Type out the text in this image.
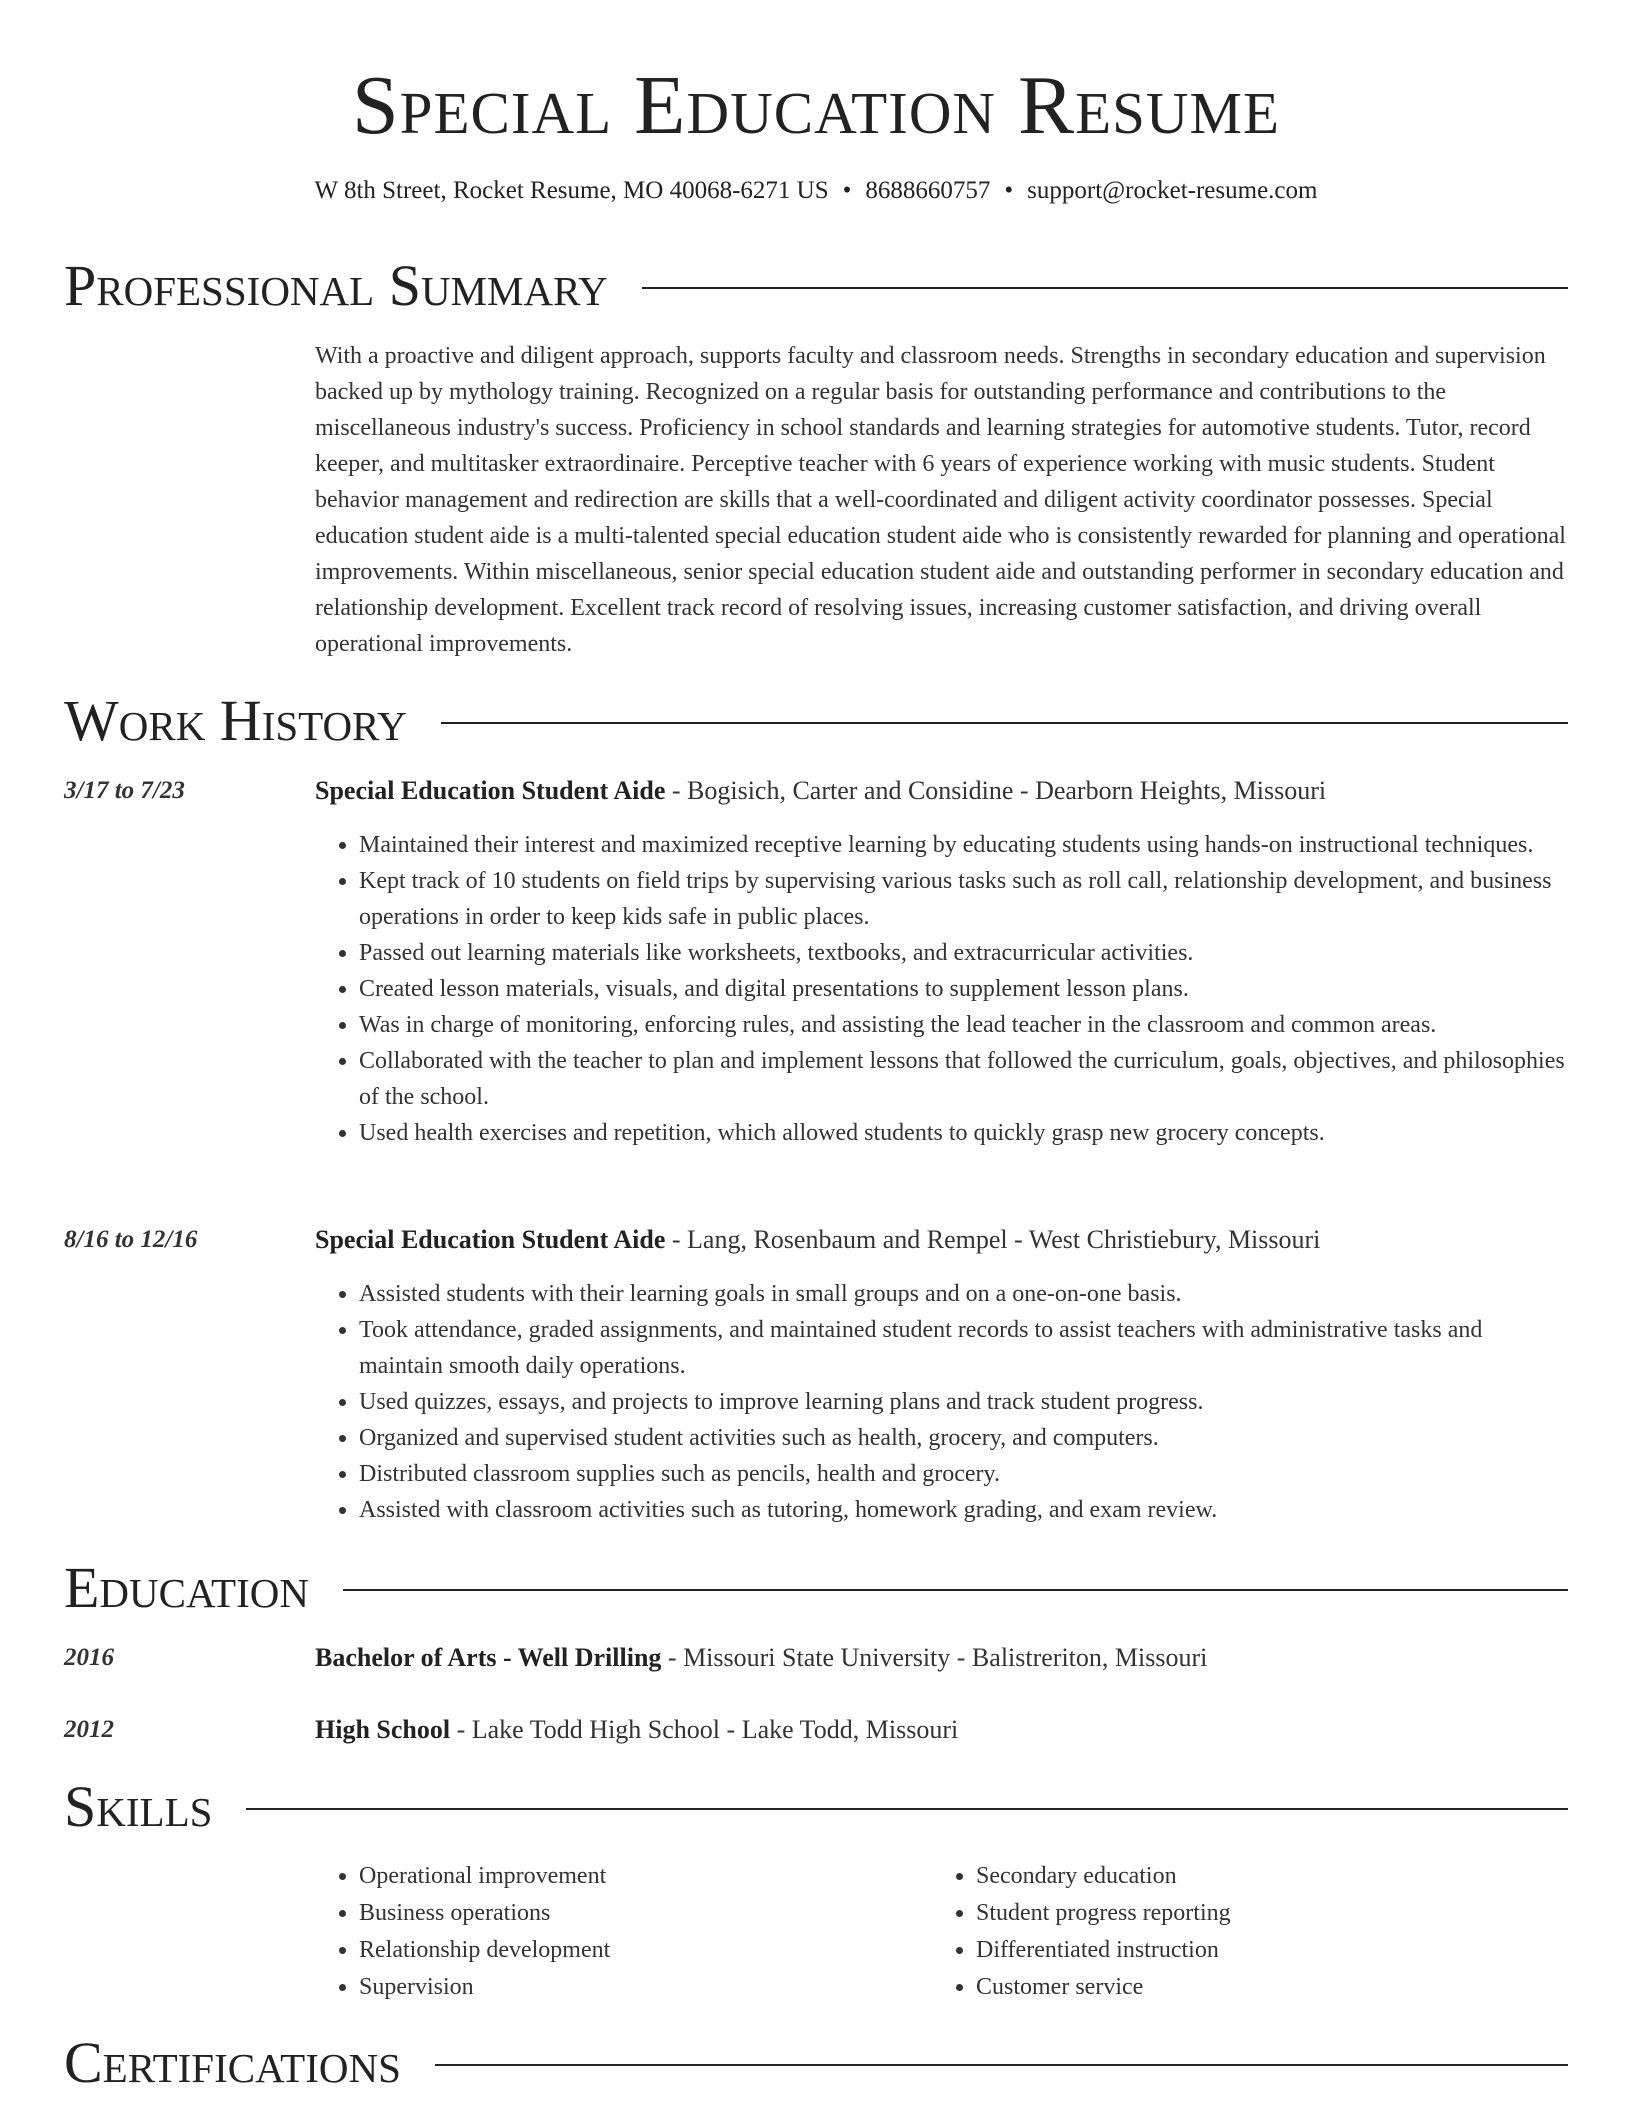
Special Education Resume
W 8th Street, Rocket Resume, MO 40068-6271 US • 8688660757 • support@rocket-resume.com
Professional Summary
With a proactive and diligent approach, supports faculty and classroom needs. Strengths in secondary education and supervision backed up by mythology training. Recognized on a regular basis for outstanding performance and contributions to the miscellaneous industry's success. Proficiency in school standards and learning strategies for automotive students. Tutor, record keeper, and multitasker extraordinaire. Perceptive teacher with 6 years of experience working with music students. Student behavior management and redirection are skills that a well-coordinated and diligent activity coordinator possesses. Special education student aide is a multi-talented special education student aide who is consistently rewarded for planning and operational improvements. Within miscellaneous, senior special education student aide and outstanding performer in secondary education and relationship development. Excellent track record of resolving issues, increasing customer satisfaction, and driving overall operational improvements.
Work History
3/17 to 7/23	Special Education Student Aide - Bogisich, Carter and Considine - Dearborn Heights, Missouri
• Maintained their interest and maximized receptive learning by educating students using hands-on instructional techniques.
• Kept track of 10 students on field trips by supervising various tasks such as roll call, relationship development, and business operations in order to keep kids safe in public places.
• Passed out learning materials like worksheets, textbooks, and extracurricular activities.
• Created lesson materials, visuals, and digital presentations to supplement lesson plans.
• Was in charge of monitoring, enforcing rules, and assisting the lead teacher in the classroom and common areas.
• Collaborated with the teacher to plan and implement lessons that followed the curriculum, goals, objectives, and philosophies of the school.
• Used health exercises and repetition, which allowed students to quickly grasp new grocery concepts.
8/16 to 12/16	Special Education Student Aide - Lang, Rosenbaum and Rempel - West Christiebury, Missouri
• Assisted students with their learning goals in small groups and on a one-on-one basis.
• Took attendance, graded assignments, and maintained student records to assist teachers with administrative tasks and maintain smooth daily operations.
• Used quizzes, essays, and projects to improve learning plans and track student progress.
• Organized and supervised student activities such as health, grocery, and computers.
• Distributed classroom supplies such as pencils, health and grocery.
• Assisted with classroom activities such as tutoring, homework grading, and exam review.
Education
2016	Bachelor of Arts - Well Drilling - Missouri State University - Balistreriton, Missouri
2012	High School - Lake Todd High School - Lake Todd, Missouri
Skills
• Operational improvement
• Business operations
• Relationship development
• Supervision
• Secondary education
• Student progress reporting
• Differentiated instruction
• Customer service
Certifications
